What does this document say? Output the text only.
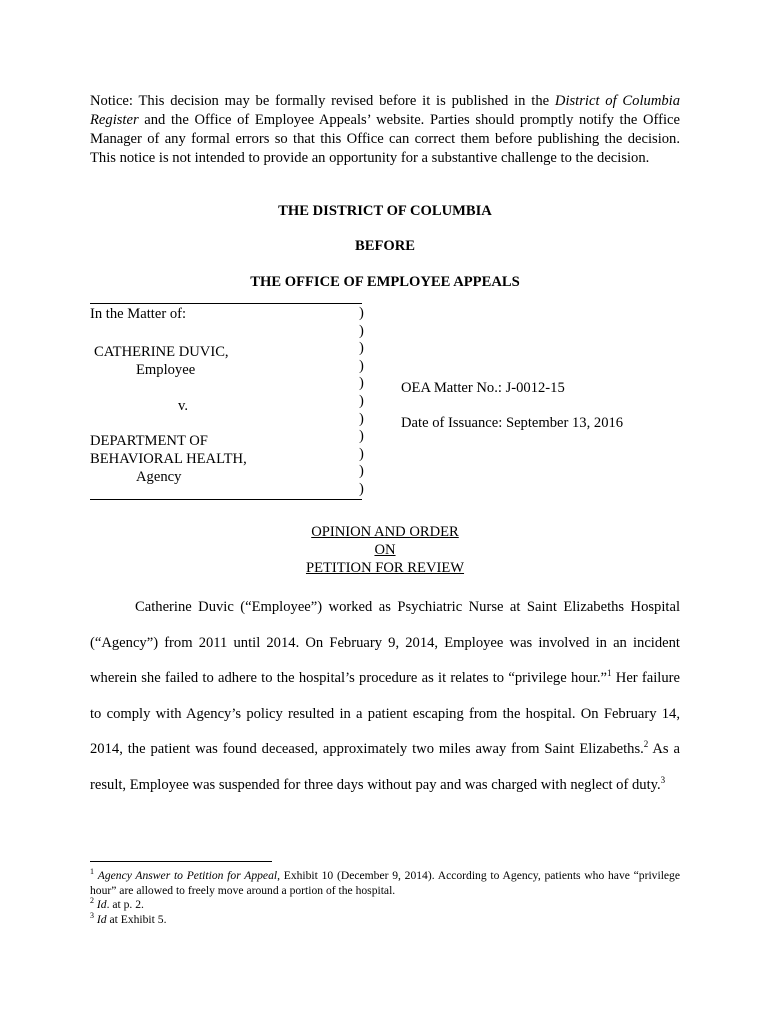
Notice: This decision may be formally revised before it is published in the District of Columbia Register and the Office of Employee Appeals’ website. Parties should promptly notify the Office Manager of any formal errors so that this Office can correct them before publishing the decision. This notice is not intended to provide an opportunity for a substantive challenge to the decision.
THE DISTRICT OF COLUMBIA
BEFORE
THE OFFICE OF EMPLOYEE APPEALS
In the Matter of:
CATHERINE DUVIC,
Employee
v.
DEPARTMENT OF
BEHAVIORAL HEALTH,
Agency
)
)
)
)
)
)
)
)
)
)
)
OEA Matter No.: J-0012-15
Date of Issuance: September 13, 2016
OPINION AND ORDER
ON
PETITION FOR REVIEW

Catherine Duvic (“Employee”) worked as Psychiatric Nurse at Saint Elizabeths Hospital (“Agency”) from 2011 until 2014. On February 9, 2014, Employee was involved in an incident wherein she failed to adhere to the hospital’s procedure as it relates to “privilege hour.”$^1$ Her failure to comply with Agency’s policy resulted in a patient escaping from the hospital. On February 14, 2014, the patient was found deceased, approximately two miles away from Saint Elizabeths.$^2$ As a result, Employee was suspended for three days without pay and was charged with neglect of duty.$^3$

$^1$ Agency Answer to Petition for Appeal, Exhibit 10 (December 9, 2014). According to Agency, patients who have “privilege hour” are allowed to freely move around a portion of the hospital.

$^2$ Id. at p. 2.

$^3$ Id at Exhibit 5.
